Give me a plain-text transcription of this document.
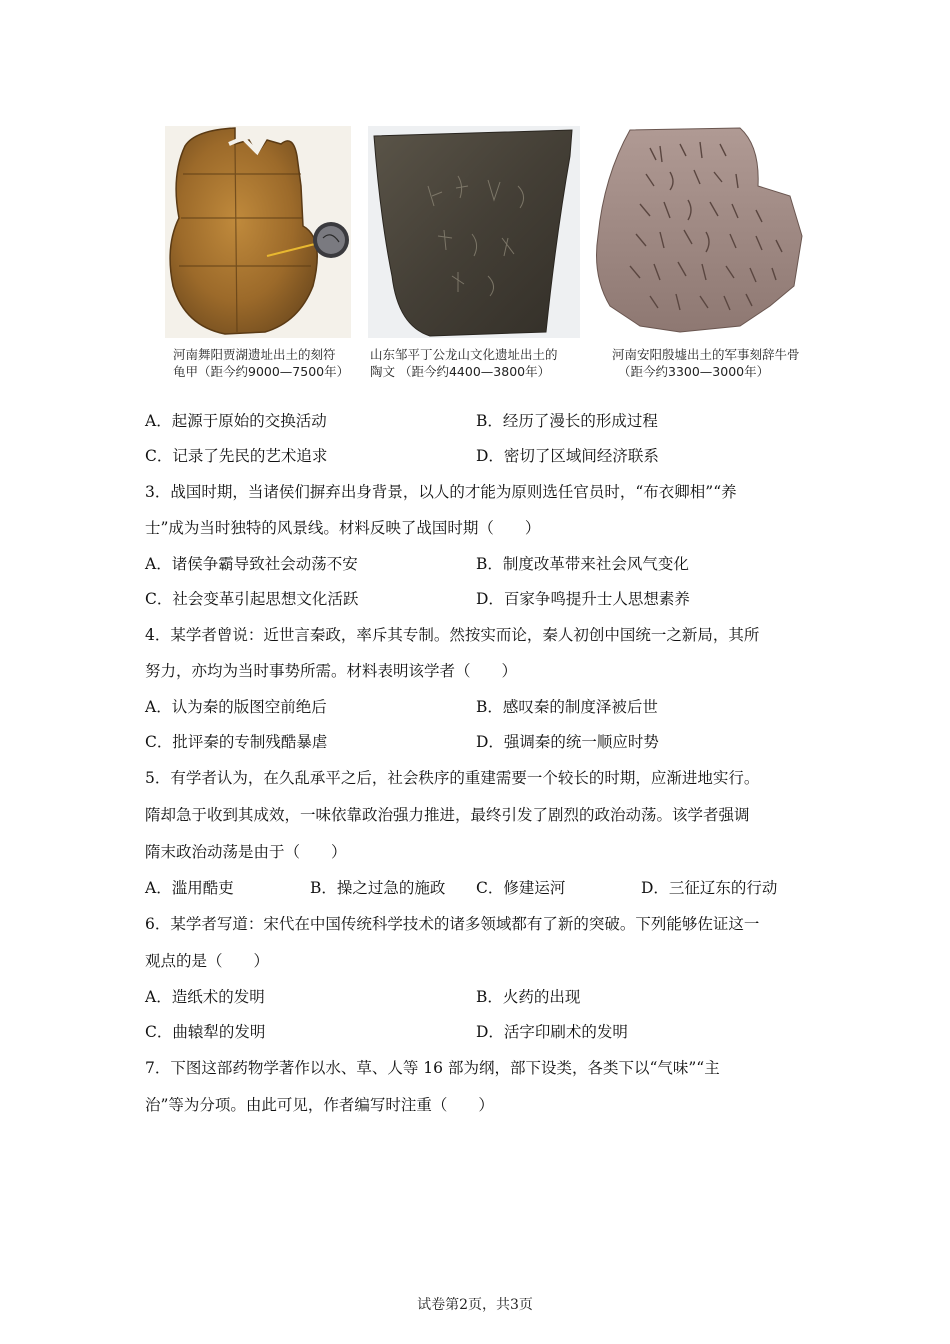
河南舞阳贾湖遗址出土的刻符
龟甲（距今约9000—7500年）
山东邹平丁公龙山文化遗址出土的
陶文 （距今约4400—3800年）
河南安阳殷墟出土的军事刻辞牛骨
（距今约3300—3000年）
A．起源于原始的交换活动	B．经历了漫长的形成过程
C．记录了先民的艺术追求	D．密切了区域间经济联系
3．战国时期，当诸侯们摒弃出身背景，以人的才能为原则选任官员时，“布衣卿相”“养
士”成为当时独特的风景线。材料反映了战国时期（　　）
A．诸侯争霸导致社会动荡不安	B．制度改革带来社会风气变化
C．社会变革引起思想文化活跃	D．百家争鸣提升士人思想素养
4．某学者曾说：近世言秦政，率斥其专制。然按实而论，秦人初创中国统一之新局，其所
努力，亦均为当时事势所需。材料表明该学者（　　）
A．认为秦的版图空前绝后	B．感叹秦的制度泽被后世
C．批评秦的专制残酷暴虐	D．强调秦的统一顺应时势
5．有学者认为，在久乱承平之后，社会秩序的重建需要一个较长的时期，应渐进地实行。
隋却急于收到其成效，一味依靠政治强力推进，最终引发了剧烈的政治动荡。该学者强调
隋末政治动荡是由于（　　）
A．滥用酷吏	B．操之过急的施政 C．修建运河	D．三征辽东的行动
6．某学者写道：宋代在中国传统科学技术的诸多领域都有了新的突破。下列能够佐证这一
观点的是（　　）
A．造纸术的发明	B．火药的出现
C．曲辕犁的发明	D．活字印刷术的发明
7．下图这部药物学著作以水、草、人等 16 部为纲，部下设类，各类下以“气味”“主
治”等为分项。由此可见，作者编写时注重（　　）
试卷第2页，共3页
